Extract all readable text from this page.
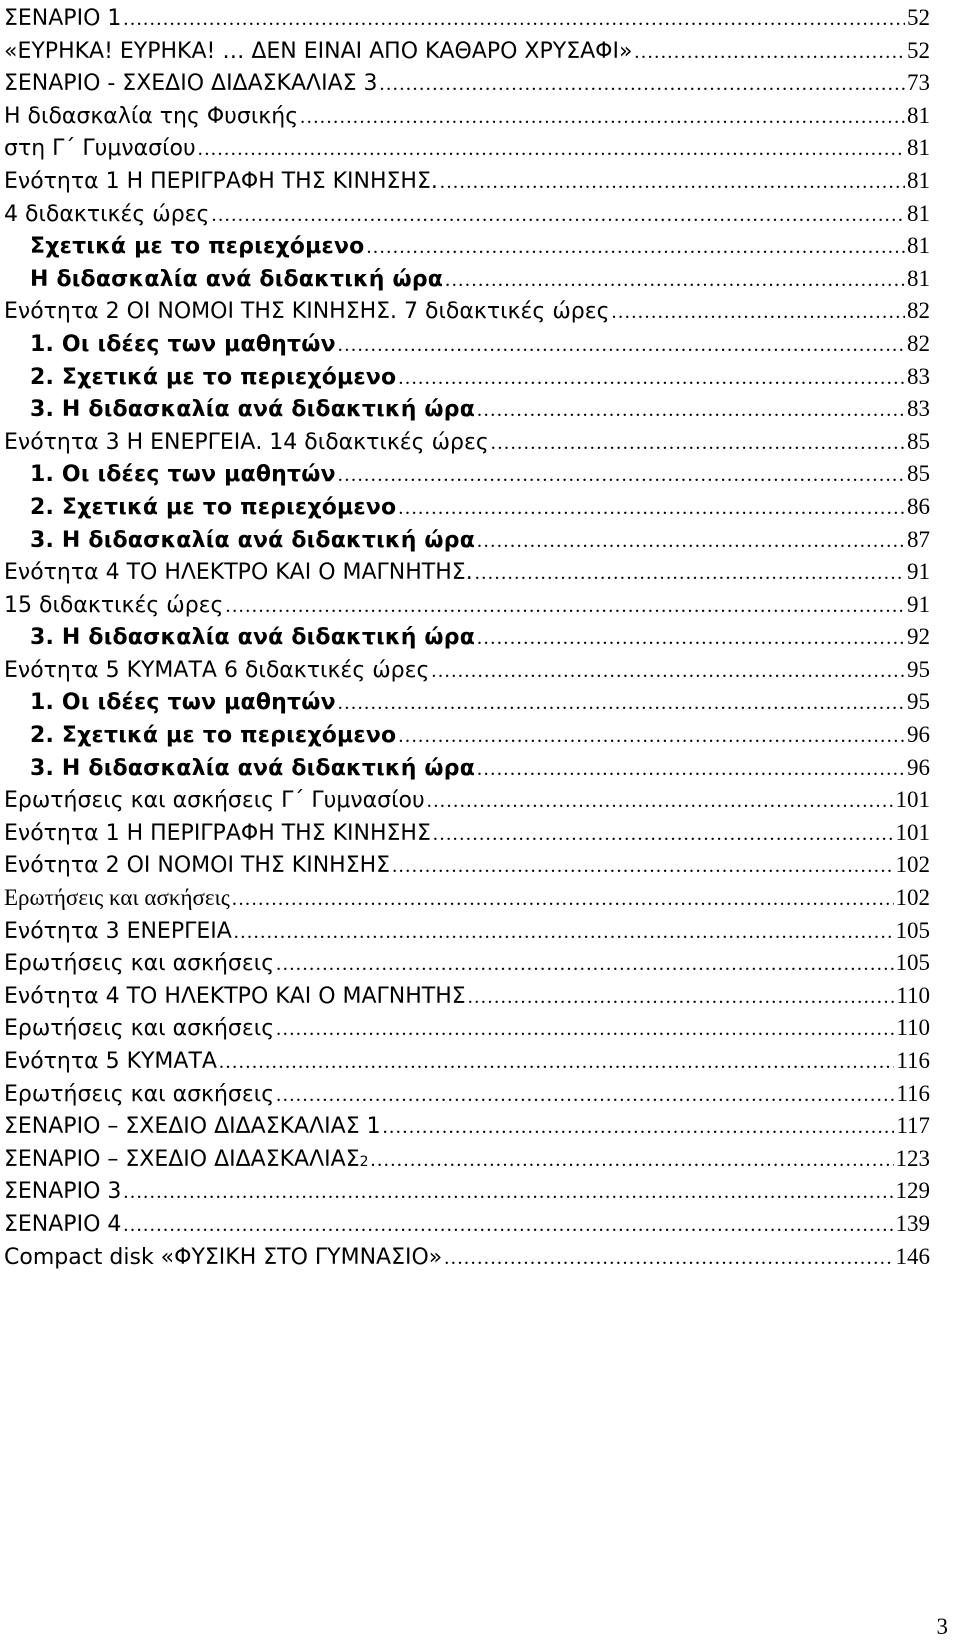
ΣΕΝΑΡΙΟ 1 .....	52
«ΕΥΡΗΚΑ! ΕΥΡΗΚΑ! … ΔΕΝ ΕΙΝΑΙ ΑΠΟ ΚΑΘΑΡΟ ΧΡΥΣΑΦΙ» .....	52
ΣΕΝΑΡΙΟ - ΣΧΕΔΙΟ ΔΙΔΑΣΚΑΛΙΑΣ 3 .....	73
Η διδασκαλία της Φυσικής .....	81
στη Γ΄ Γυμνασίου .....	81
Ενότητα 1 Η ΠΕΡΙΓΡΑΦΗ ΤΗΣ ΚΙΝΗΣΗΣ. .....	81
4 διδακτικές ώρες .....	81
Σχετικά με το περιεχόμενο .....	81
Η διδασκαλία ανά διδακτική ώρα .....	81
Ενότητα 2 ΟΙ ΝΟΜΟΙ ΤΗΣ ΚΙΝΗΣΗΣ. 7 διδακτικές ώρες .....	82
1. Οι ιδέες των μαθητών .....	82
2. Σχετικά με το περιεχόμενο .....	83
3. Η διδασκαλία ανά διδακτική ώρα .....	83
Ενότητα 3 Η ΕΝΕΡΓΕΙΑ. 14 διδακτικές ώρες .....	85
1. Οι ιδέες των μαθητών .....	85
2. Σχετικά με το περιεχόμενο .....	86
3. Η διδασκαλία ανά διδακτική ώρα .....	87
Ενότητα 4 ΤΟ ΗΛΕΚΤΡΟ ΚΑΙ Ο ΜΑΓΝΗΤΗΣ. .....	91
15 διδακτικές ώρες .....	91
3. Η διδασκαλία ανά διδακτική ώρα .....	92
Ενότητα 5 ΚΥΜΑΤΑ 6 διδακτικές ώρες .....	95
1. Οι ιδέες των μαθητών .....	95
2. Σχετικά με το περιεχόμενο .....	96
3. Η διδασκαλία ανά διδακτική ώρα .....	96
Ερωτήσεις και ασκήσεις Γ΄ Γυμνασίου .....	101
Ενότητα 1 Η ΠΕΡΙΓΡΑΦΗ ΤΗΣ ΚΙΝΗΣΗΣ .....	101
Ενότητα 2 ΟΙ ΝΟΜΟΙ ΤΗΣ ΚΙΝΗΣΗΣ .....	102
Ερωτήσεις και ασκήσεις .....	102
Ενότητα 3 ΕΝΕΡΓΕΙΑ .....	105
Ερωτήσεις και ασκήσεις .....	105
Ενότητα 4 ΤΟ ΗΛΕΚΤΡΟ ΚΑΙ Ο ΜΑΓΝΗΤΗΣ .....	110
Ερωτήσεις και ασκήσεις .....	110
Ενότητα 5 ΚΥΜΑΤΑ .....	116
Ερωτήσεις και ασκήσεις .....	116
ΣΕΝΑΡΙΟ – ΣΧΕΔΙΟ ΔΙΔΑΣΚΑΛΙΑΣ 1 .....	117
ΣΕΝΑΡΙΟ – ΣΧΕΔΙΟ ΔΙΔΑΣΚΑΛΙΑΣ 2 .....	123
ΣΕΝΑΡΙΟ 3 .....	129
ΣΕΝΑΡΙΟ 4 .....	139
Compact disk «ΦΥΣΙΚΗ ΣΤΟ ΓΥΜΝΑΣΙΟ» .....	146
3
